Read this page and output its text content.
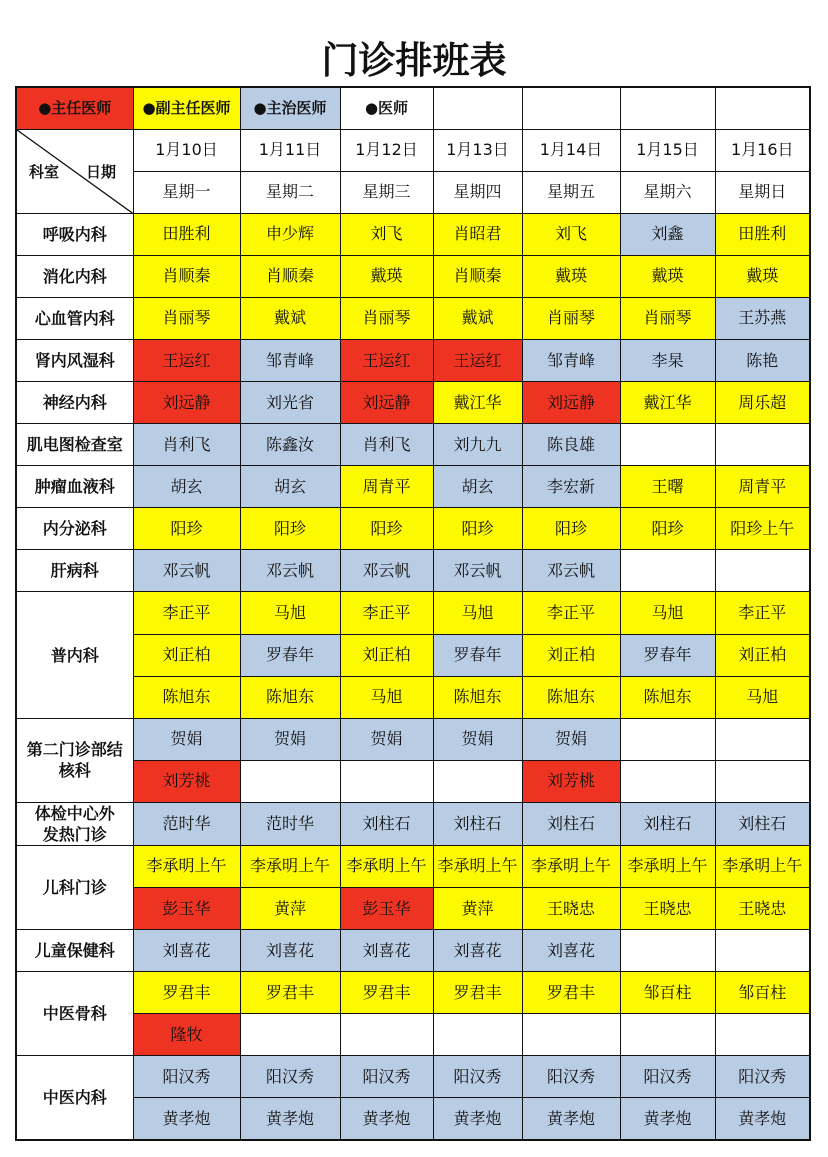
门诊排班表
●主任医师	●副主任医师	●主治医师	●医师				

科室 日期	1月10日	1月11日	1月12日	1月13日	1月14日	1月15日	1月16日
	星期一	星期二	星期三	星期四	星期五	星期六	星期日
呼吸内科	田胜利	申少辉	刘飞	肖昭君	刘飞	刘鑫	田胜利
消化内科	肖顺秦	肖顺秦	戴瑛	肖顺秦	戴瑛	戴瑛	戴瑛
心血管内科	肖丽琴	戴斌	肖丽琴	戴斌	肖丽琴	肖丽琴	王苏燕
肾内风湿科	王运红	邹青峰	王运红	王运红	邹青峰	李杲	陈艳
神经内科	刘远静	刘光省	刘远静	戴江华	刘远静	戴江华	周乐超
肌电图检查室	肖利飞	陈鑫汝	肖利飞	刘九九	陈良雄		
肿瘤血液科	胡玄	胡玄	周青平	胡玄	李宏新	王曙	周青平
内分泌科	阳珍	阳珍	阳珍	阳珍	阳珍	阳珍	阳珍上午
肝病科	邓云帆	邓云帆	邓云帆	邓云帆	邓云帆		
普内科	李正平	马旭	李正平	马旭	李正平	马旭	李正平
	刘正柏	罗春年	刘正柏	罗春年	刘正柏	罗春年	刘正柏
	陈旭东	陈旭东	马旭	陈旭东	陈旭东	陈旭东	马旭
第二门诊部结
核科	贺娟	贺娟	贺娟	贺娟	贺娟		
	刘芳桃				刘芳桃		
体检中心外
发热门诊	范时华	范时华	刘柱石	刘柱石	刘柱石	刘柱石	刘柱石
儿科门诊	李承明上午	李承明上午	李承明上午	李承明上午	李承明上午	李承明上午	李承明上午
	彭玉华	黄萍	彭玉华	黄萍	王晓忠	王晓忠	王晓忠
儿童保健科	刘喜花	刘喜花	刘喜花	刘喜花	刘喜花		
中医骨科	罗君丰	罗君丰	罗君丰	罗君丰	罗君丰	邹百柱	邹百柱
	隆牧						
中医内科	阳汉秀	阳汉秀	阳汉秀	阳汉秀	阳汉秀	阳汉秀	阳汉秀
	黄孝炮	黄孝炮	黄孝炮	黄孝炮	黄孝炮	黄孝炮	黄孝炮
